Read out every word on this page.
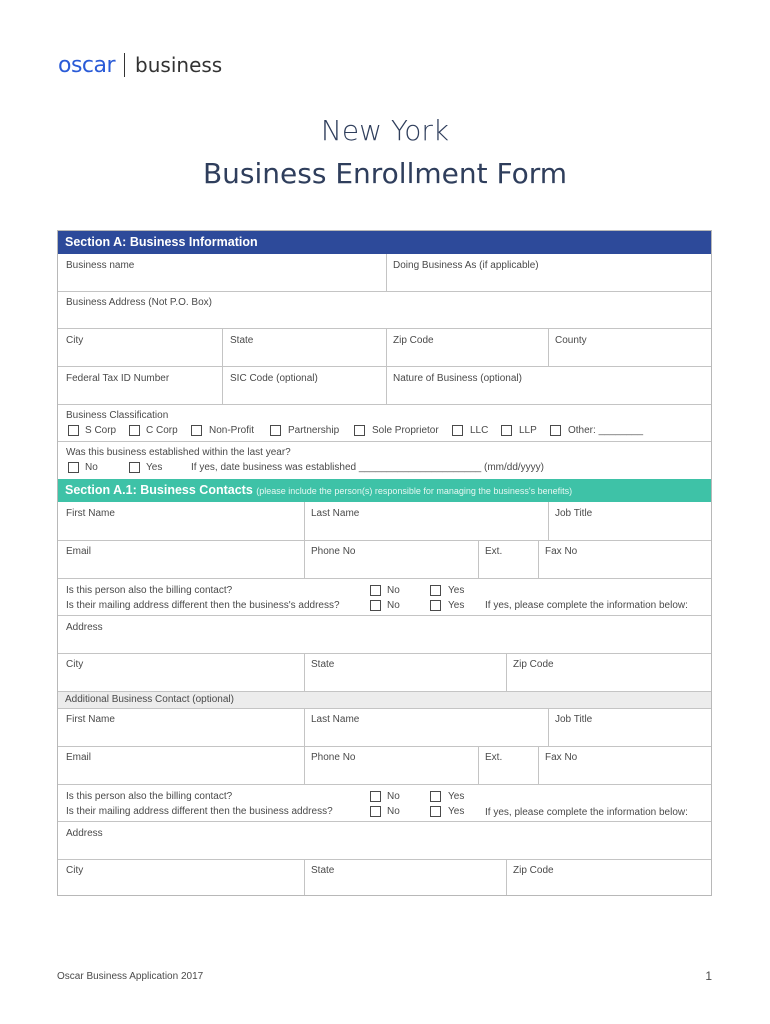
oscar business
New York
Business Enrollment Form
Section A: Business Information
Business name	Doing Business As (if applicable)
Business Address (Not P.O. Box)
City	State	Zip Code	County
Federal Tax ID Number	SIC Code (optional)	Nature of Business (optional)
Business Classification
S Corp	C Corp	Non-Profit	Partnership	Sole Proprietor	LLC	LLP	Other: ________
Was this business established within the last year?
No	Yes	If yes, date business was established ______________________ (mm/dd/yyyy)
Section A.1: Business Contacts (please include the person(s) responsible for managing the business's benefits)
First Name	Last Name	Job Title
Email	Phone No	Ext.	Fax No
Is this person also the billing contact?	No	Yes
Is their mailing address different then the business's address?	No	Yes If yes, please complete the information below:
Address
City	State	Zip Code
Additional Business Contact (optional)
First Name	Last Name	Job Title
Email	Phone No	Ext.	Fax No
Is this person also the billing contact?	No	Yes
Is their mailing address different then the business address?	No	Yes If yes, please complete the information below:
Address
City	State	Zip Code
Oscar Business Application 2017	1
